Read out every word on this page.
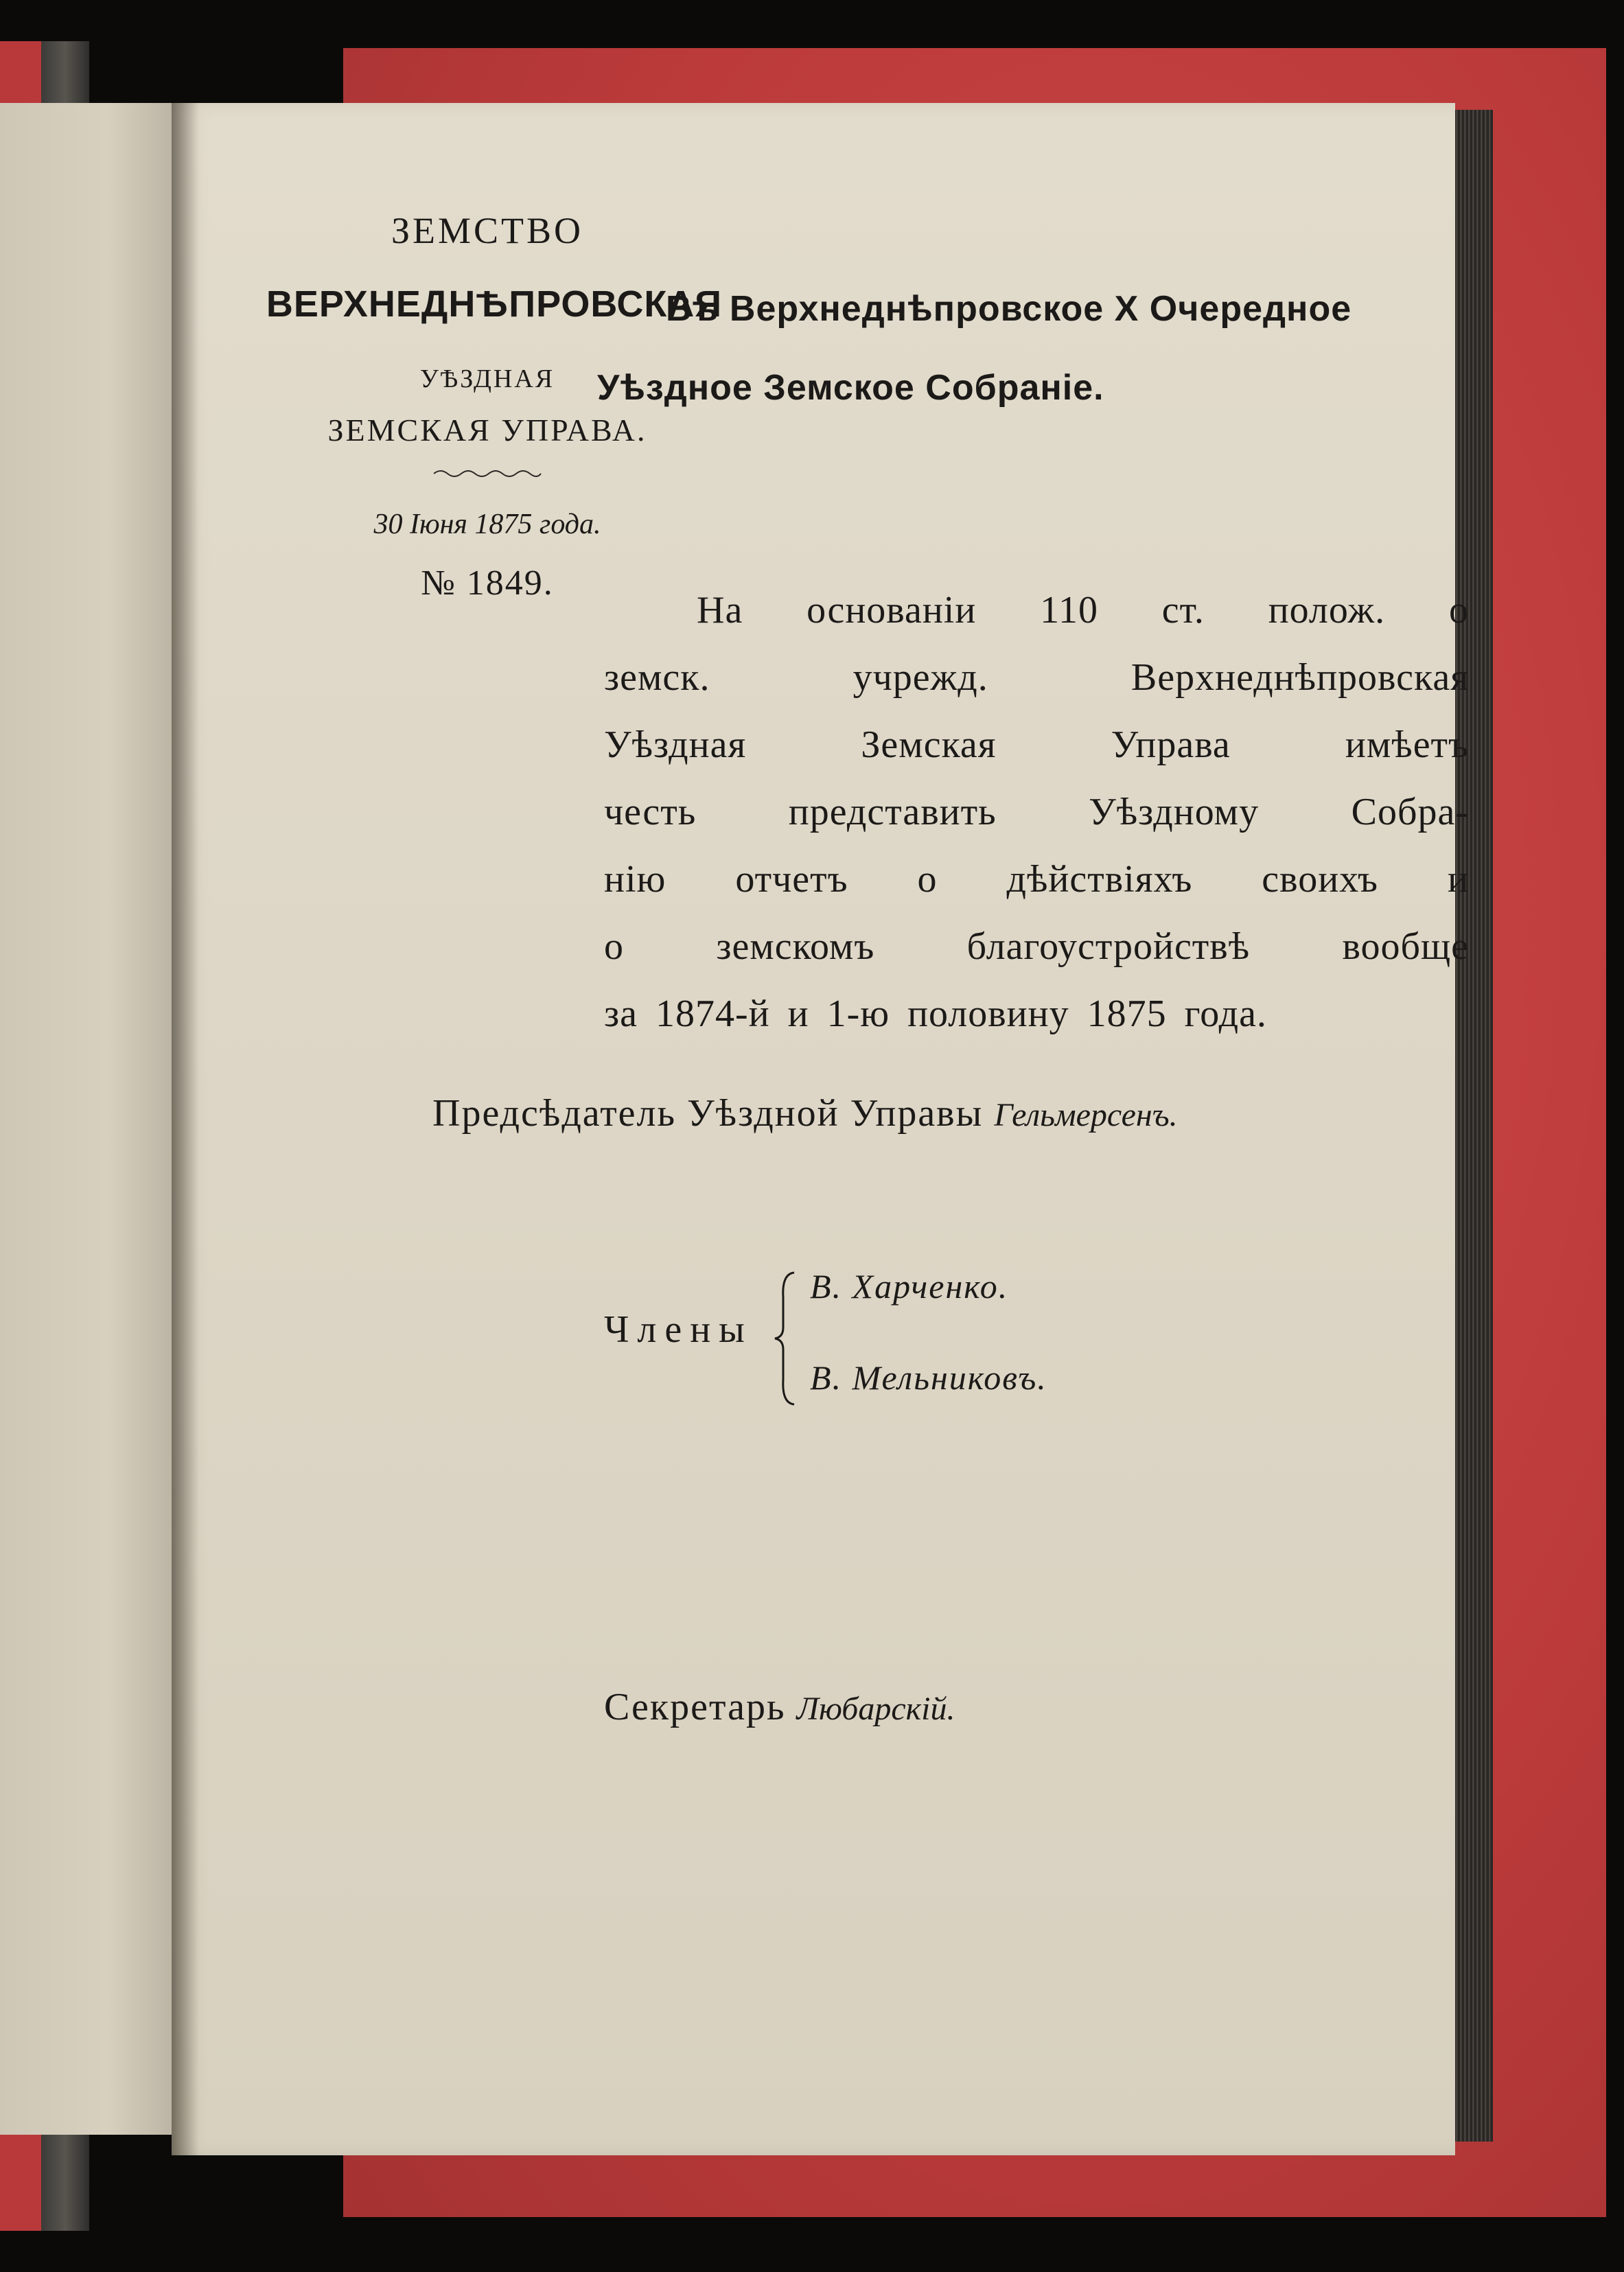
ЗЕМСТВО
ВЕРХНЕДНѢПРОВСКАЯ
УѢЗДНАЯ
ЗЕМСКАЯ УПРАВА.
30 Іюня 1875 года.
№ 1849.
Въ Верхнеднѣпровское X Очередное
Уѣздное Земское Собраніе.
На основаніи 110 ст. полож. о
земск.	учрежд.	Верхнеднѣпровская
Уѣздная	Земская	Управа	имѣетъ
честь представить Уѣздному Собра-
нію отчетъ о дѣйствіяхъ своихъ и
о земскомъ благоустройствѣ вообще
за 1874-й и 1-ю половину 1875 года.
Предсѣдатель Уѣздной Управы Гельмерсенъ.
Члены
В. Харченко.
В. Мельниковъ.
Секретарь Любарскій.
